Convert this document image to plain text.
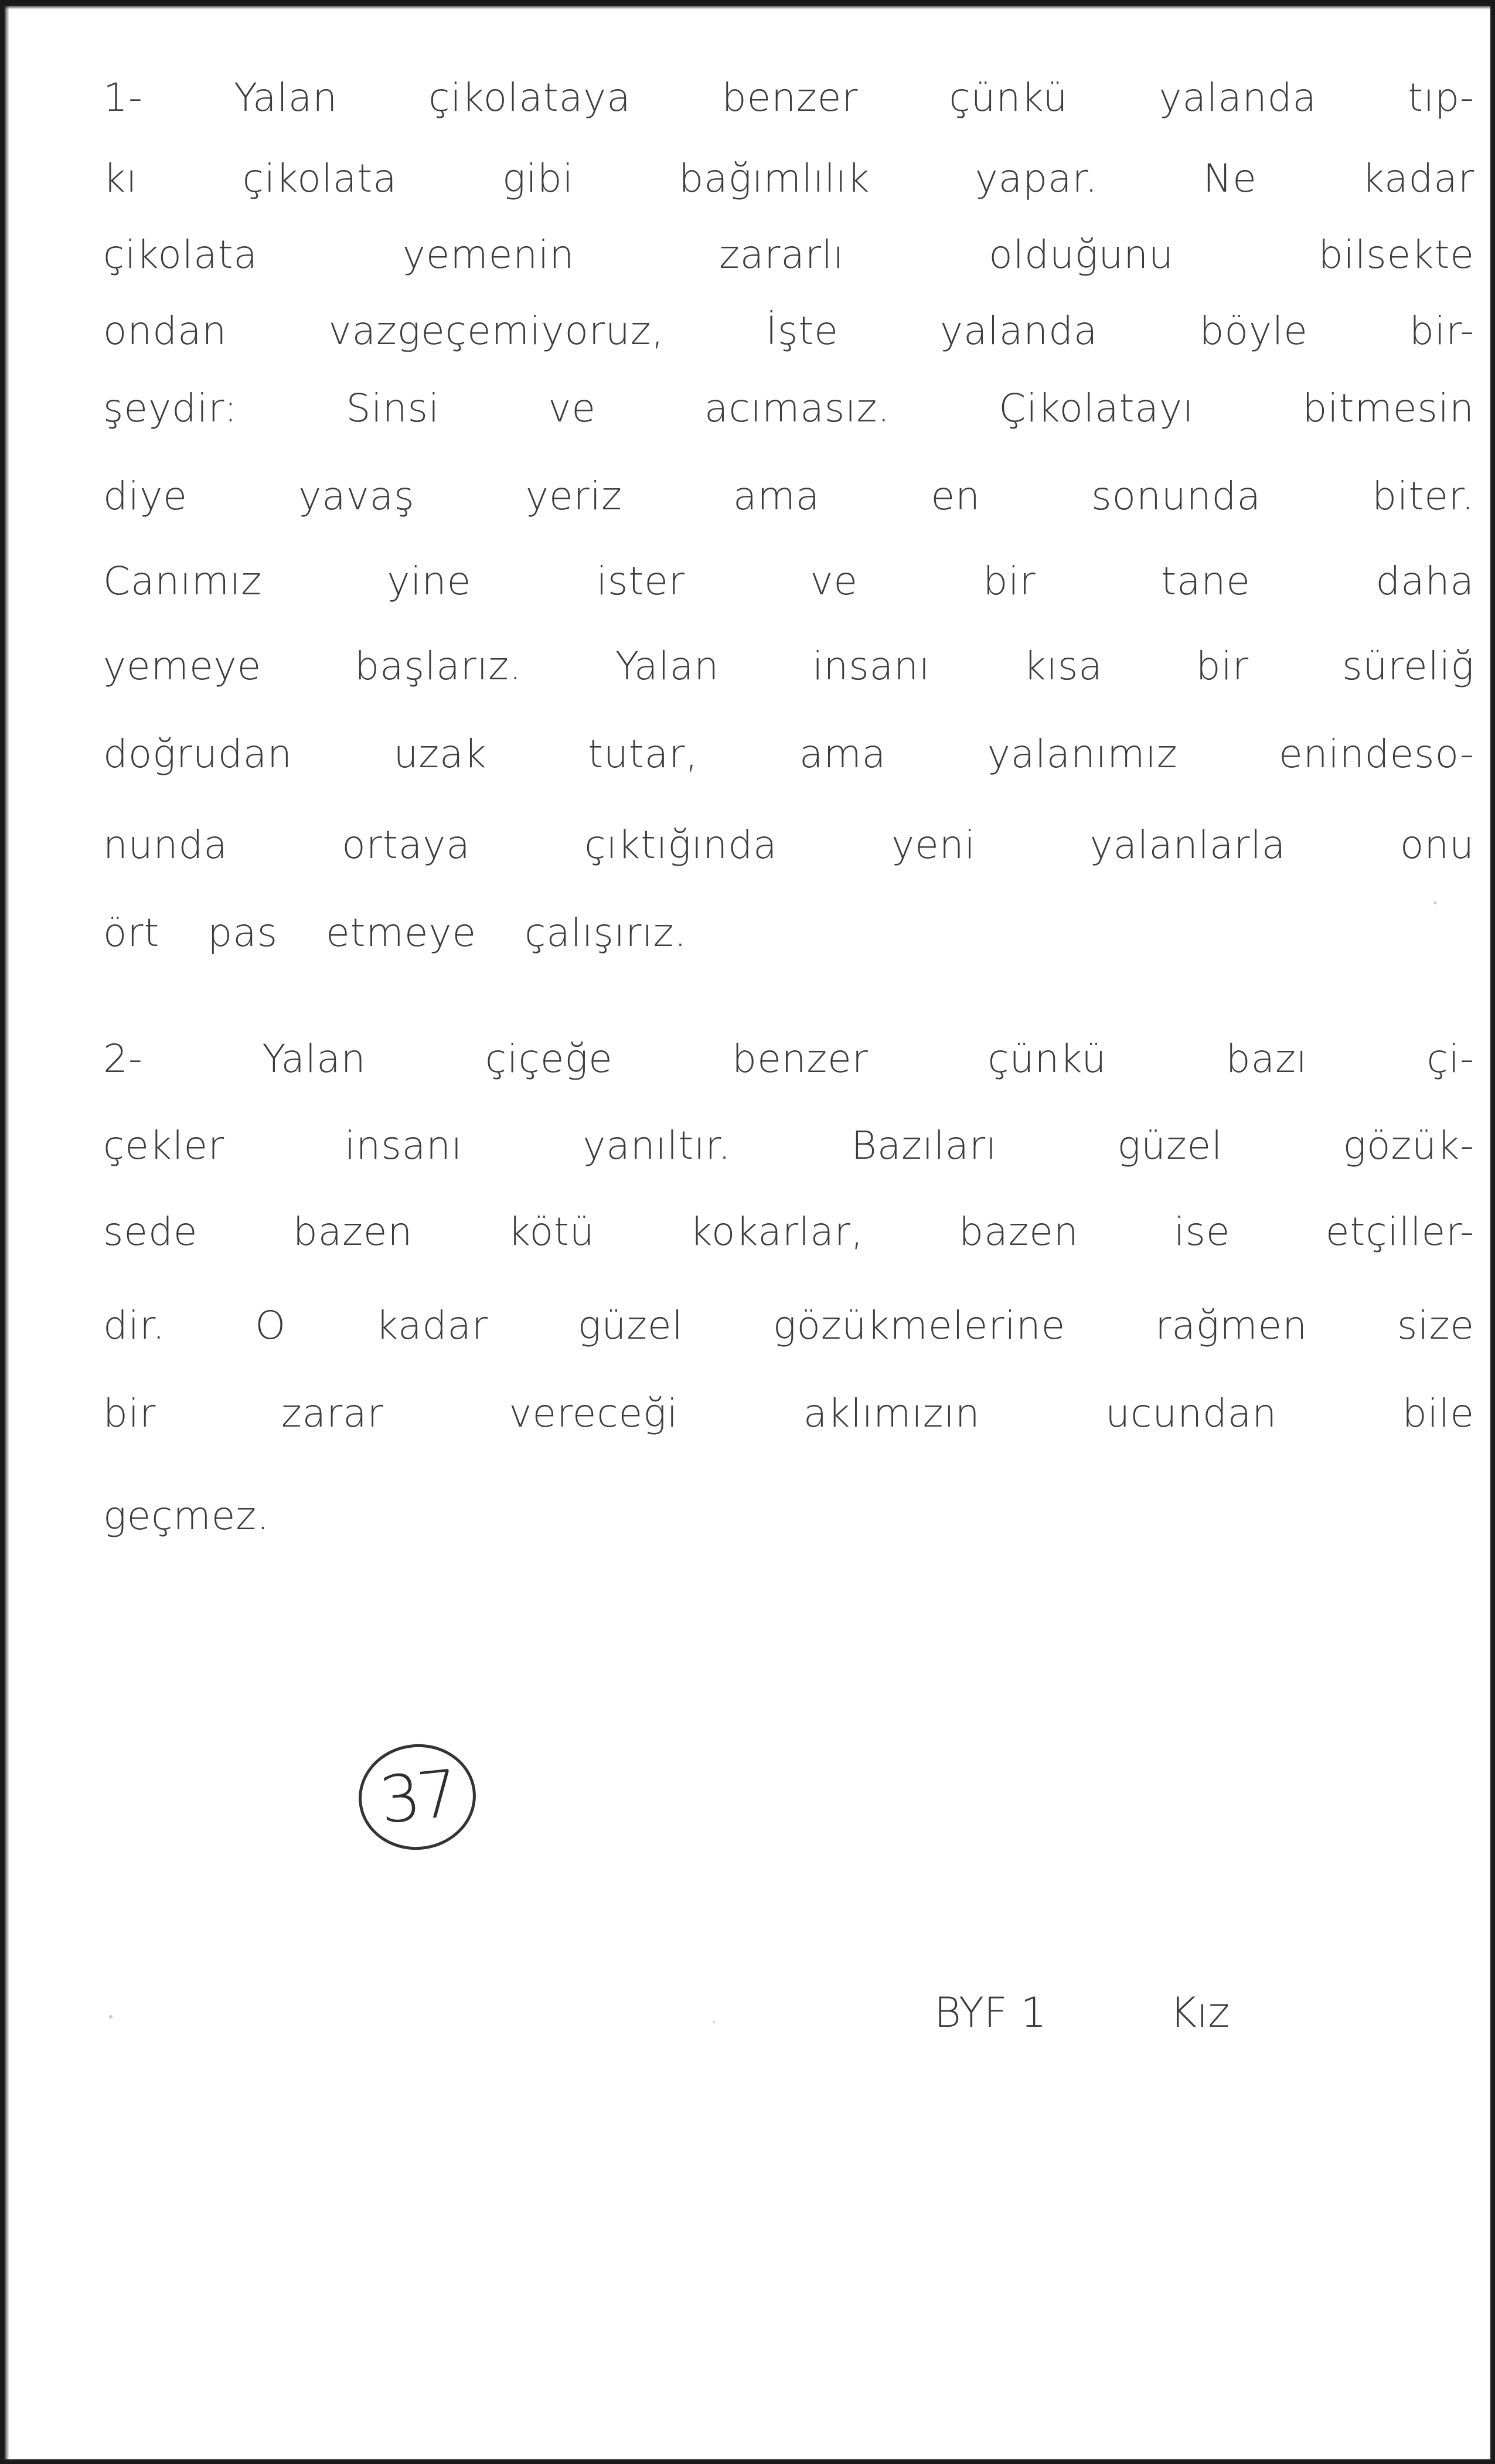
1- Yalan çikolataya benzer çünkü yalanda tıp-

kı çikolata gibi bağımlılık yapar. Ne kadar

çikolata yemenin zararlı olduğunu bilsekte

ondan vazgeçemiyoruz, İşte yalanda böyle bir-

şeydir: Sinsi ve acımasız. Çikolatayı bitmesin

diye yavaş yeriz ama en sonunda biter.

Canımız yine ister ve bir tane daha

yemeye başlarız. Yalan insanı kısa bir süreliğ

doğrudan uzak tutar, ama yalanımız enindeso-

nunda ortaya çıktığında yeni yalanlarla onu

ört pas etmeye çalışırız.

2- Yalan çiçeğe benzer çünkü bazı çi-

çekler insanı yanıltır. Bazıları güzel gözük-

sede bazen kötü kokarlar, bazen ise etçiller-

dir. O kadar güzel gözükmelerine rağmen size

bir zarar vereceği aklımızın ucundan bile

geçmez.

37
BYF 1	Kız
